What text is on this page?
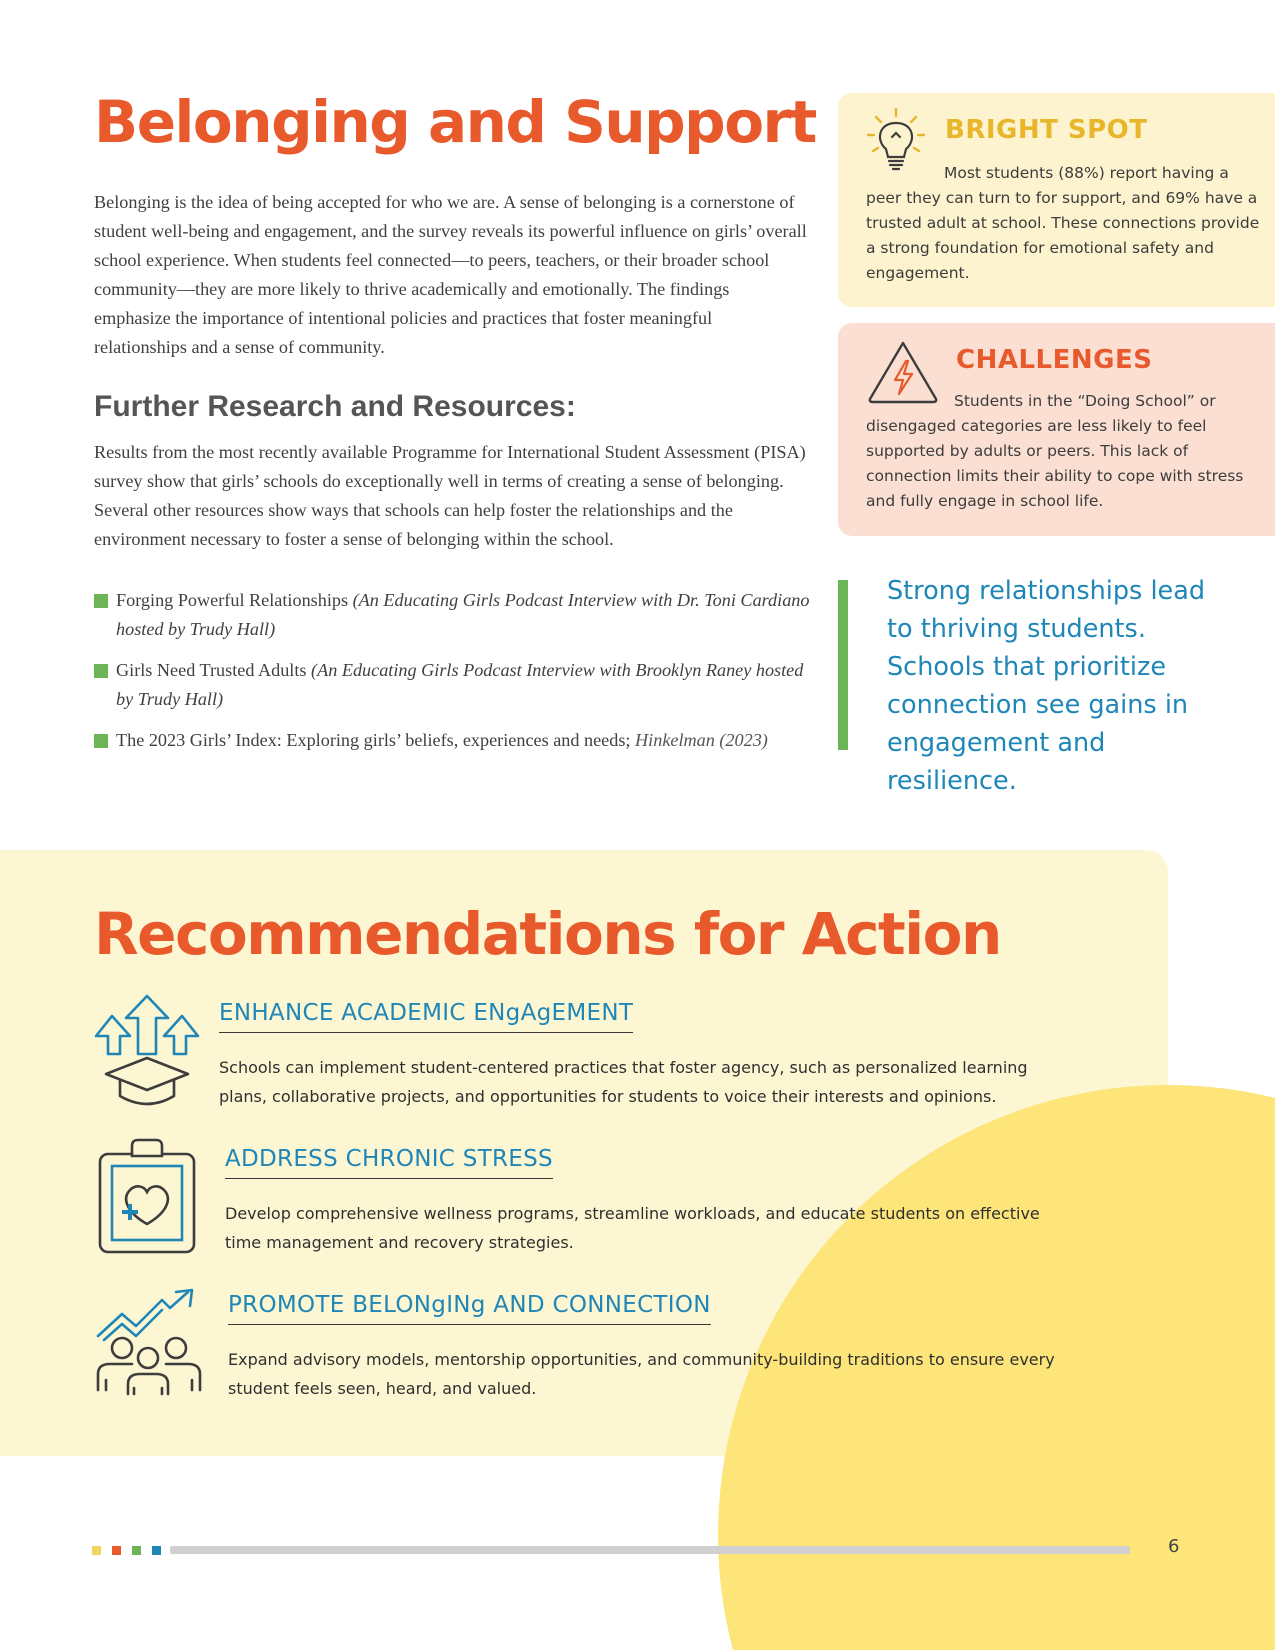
Belonging and Support

Belonging is the idea of being accepted for who we are. A sense of belonging is a cornerstone of student well-being and engagement, and the survey reveals its powerful influence on girls’ overall school experience. When students feel connected—to peers, teachers, or their broader school community—they are more likely to thrive academically and emotionally. The findings emphasize the importance of intentional policies and practices that foster meaningful relationships and a sense of community.

Further Research and Resources:

Results from the most recently available Programme for International Student Assessment (PISA) survey show that girls’ schools do exceptionally well in terms of creating a sense of belonging. Several other resources show ways that schools can help foster the relationships and the environment necessary to foster a sense of belonging within the school.

Forging Powerful Relationships (An Educating Girls Podcast Interview with Dr. Toni Cardiano hosted by Trudy Hall)
Girls Need Trusted Adults (An Educating Girls Podcast Interview with Brooklyn Raney hosted by Trudy Hall)
The 2023 Girls’ Index: Exploring girls’ beliefs, experiences and needs; Hinkelman (2023)
BRIGHT SPOT

Most students (88%) report having a peer they can turn to for support, and 69% have a trusted adult at school. These connections provide a strong foundation for emotional safety and engagement.

CHALLENGES

Students in the “Doing School” or disengaged categories are less likely to feel supported by adults or peers. This lack of connection limits their ability to cope with stress and fully engage in school life.

Strong relationships lead to thriving students. Schools that prioritize connection see gains in engagement and resilience.

Recommendations for Action
ENHANCE ACADEMIC ENgAgEMENT

Schools can implement student-centered practices that foster agency, such as personalized learning plans, collaborative projects, and opportunities for students to voice their interests and opinions.

ADDRESS CHRONIC STRESS

Develop comprehensive wellness programs, streamline workloads, and educate students on effective time management and recovery strategies.

PROMOTE BELONgINg AND CONNECTION

Expand advisory models, mentorship opportunities, and community-building traditions to ensure every student feels seen, heard, and valued.

6
